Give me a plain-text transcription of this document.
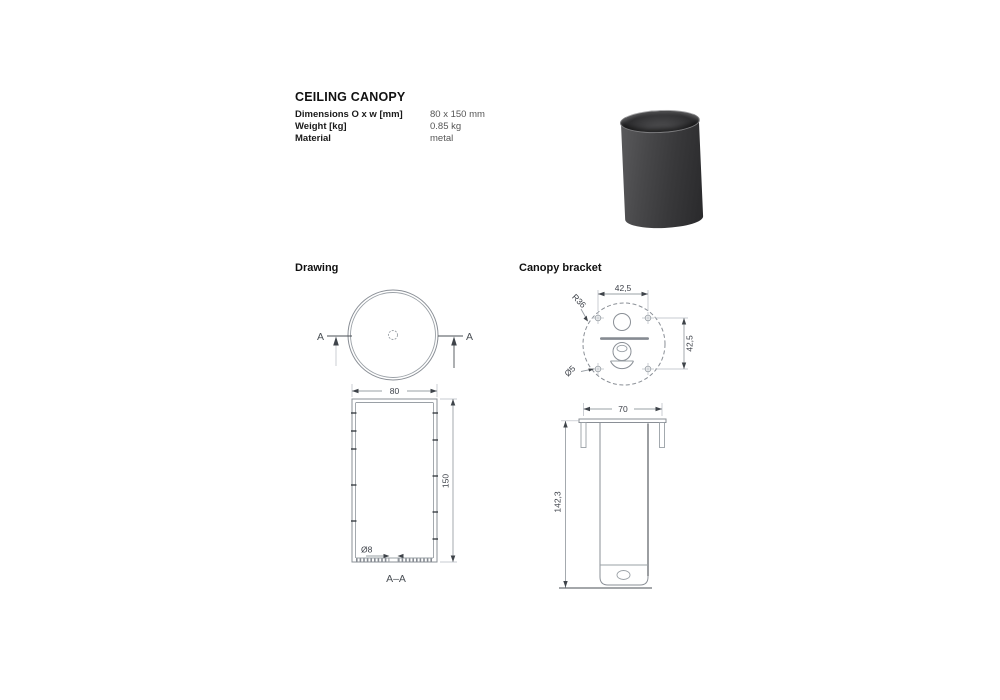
CEILING CANOPY
Dimensions O x w [mm]	80 x 150 mm
Weight [kg]	0.85 kg
Material	metal
Drawing	Canopy bracket
A	A
80
Ø8
150
A–A
42,5
42,5
R36
Ø5
70
142,3
